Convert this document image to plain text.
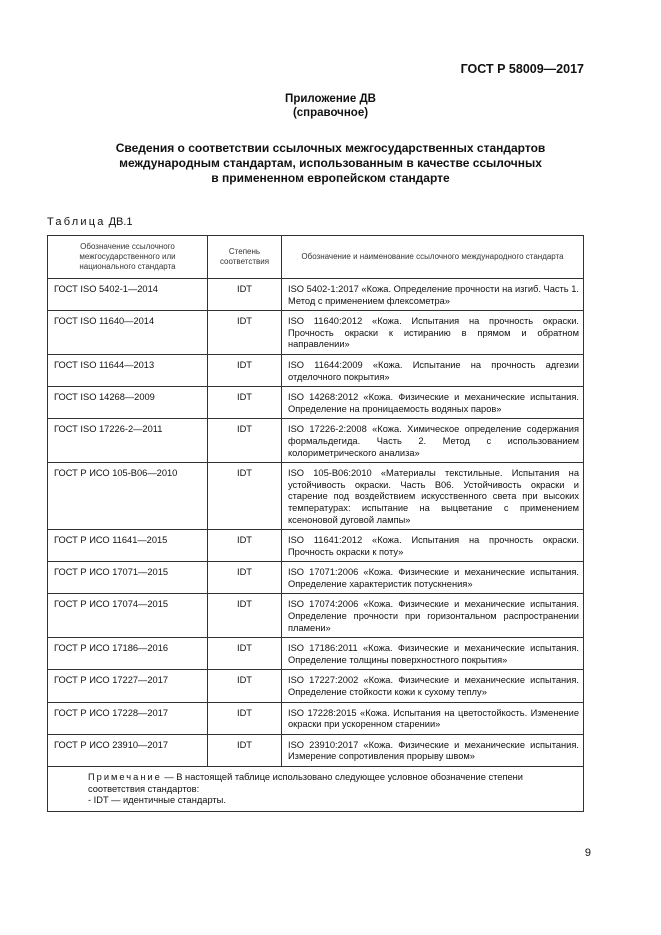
ГОСТ Р 58009—2017
Приложение ДВ
(справочное)
Сведения о соответствии ссылочных межгосударственных стандартов
международным стандартам, использованным в качестве ссылочных
в примененном европейском стандарте
Таблица ДВ.1
Обозначение ссылочного межгосударственного или национального стандарта	Степень соответствия	Обозначение и наименование ссылочного международного стандарта
ГОСТ ISO 5402-1—2014	IDT	ISO 5402-1:2017 «Кожа. Определение прочности на изгиб. Часть 1. Метод с применением флексометра»
ГОСТ ISO 11640—2014	IDT	ISO 11640:2012 «Кожа. Испытания на прочность окраски. Прочность окраски к истиранию в прямом и обратном направлении»
ГОСТ ISO 11644—2013	IDT	ISO 11644:2009 «Кожа. Испытание на прочность адгезии отделочного покрытия»
ГОСТ ISO 14268—2009	IDT	ISO 14268:2012 «Кожа. Физические и механические испытания. Определение на проницаемость водяных паров»
ГОСТ ISO 17226-2—2011	IDT	ISO 17226-2:2008 «Кожа. Химическое определение содержания формальдегида. Часть 2. Метод с использованием колориметрического анализа»
ГОСТ Р ИСО 105-В06—2010	IDT	ISO 105-B06:2010 «Материалы текстильные. Испытания на устойчивость окраски. Часть В06. Устойчивость окраски и старение под воздействием искусственного света при высоких температурах: испытание на выцветание с применением ксеноновой дуговой лампы»
ГОСТ Р ИСО 11641—2015	IDT	ISO 11641:2012 «Кожа. Испытания на прочность окраски. Прочность окраски к поту»
ГОСТ Р ИСО 17071—2015	IDT	ISO 17071:2006 «Кожа. Физические и механические испытания. Определение характеристик потускнения»
ГОСТ Р ИСО 17074—2015	IDT	ISO 17074:2006 «Кожа. Физические и механические испытания. Определение прочности при горизонтальном распространении пламени»
ГОСТ Р ИСО 17186—2016	IDT	ISO 17186:2011 «Кожа. Физические и механические испытания. Определение толщины поверхностного покрытия»
ГОСТ Р ИСО 17227—2017	IDT	ISO 17227:2002 «Кожа. Физические и механические испытания. Определение стойкости кожи к сухому теплу»
ГОСТ Р ИСО 17228—2017	IDT	ISO 17228:2015 «Кожа. Испытания на цветостойкость. Изменение окраски при ускоренном старении»
ГОСТ Р ИСО 23910—2017	IDT	ISO 23910:2017 «Кожа. Физические и механические испытания. Измерение сопротивления прорыву швом»

Примечание — В настоящей таблице использовано следующее условное обозначение степени соответствия стандартов:
- IDT — идентичные стандарты.		
9
